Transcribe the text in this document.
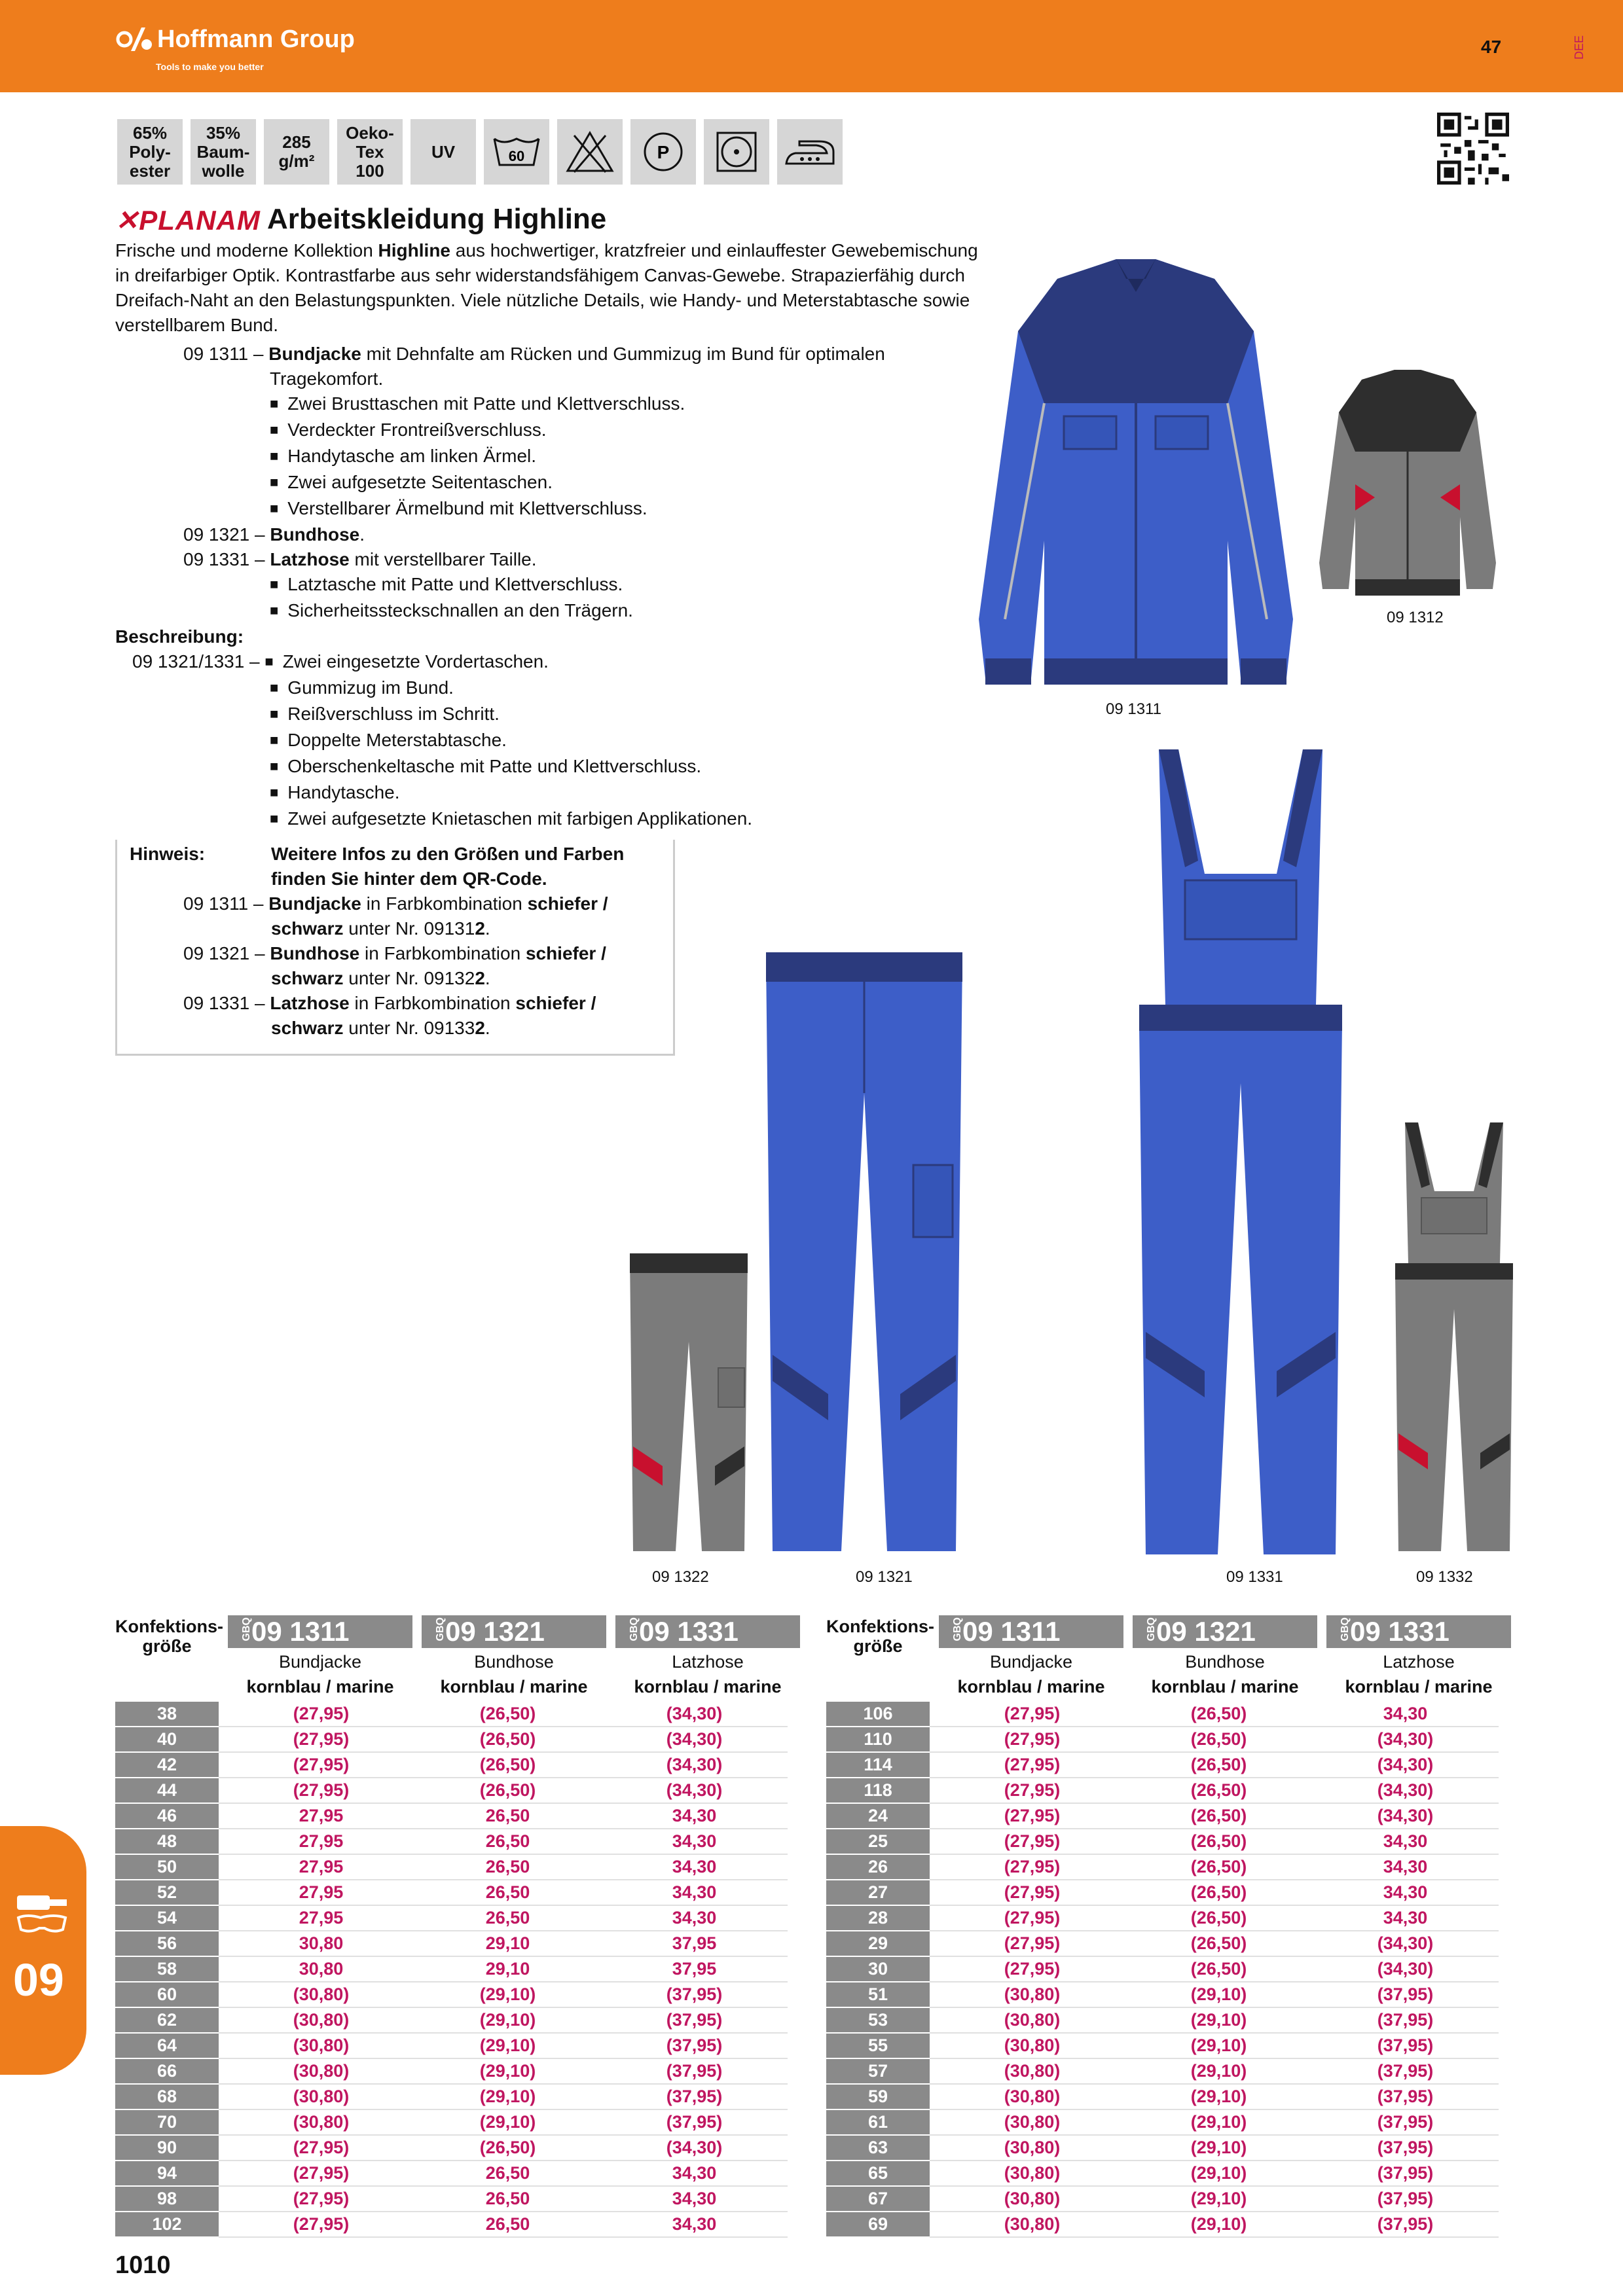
Hoffmann Group
Tools to make you better
47	DEE
65%
Poly-
ester
35%
Baum-
wolle
285
g/m²
Oeko-
Tex
100
UV	60	P
✕PLANAM Arbeitskleidung Highline
Frische und moderne Kollektion Highline aus hochwertiger, kratzfreier und einlauffester Gewebemischung
in dreifarbiger Optik. Kontrastfarbe aus sehr widerstandsfähigem Canvas-Gewebe. Strapazierfähig durch
Dreifach-Naht an den Belastungspunkten. Viele nützliche Details, wie Handy- und Meterstabtasche sowie
verstellbarem Bund.
09 1311 – Bundjacke mit Dehnfalte am Rücken und Gummizug im Bund für optimalen
Tragekomfort.
■ Zwei Brusttaschen mit Patte und Klettverschluss.
■ Verdeckter Frontreißverschluss.
■ Handytasche am linken Ärmel.
■ Zwei aufgesetzte Seitentaschen.
■ Verstellbarer Ärmelbund mit Klettverschluss.
09 1321 – Bundhose.
09 1331 – Latzhose mit verstellbarer Taille.
■ Latztasche mit Patte und Klettverschluss.
■ Sicherheitssteckschnallen an den Trägern.
Beschreibung:
09 1321/1331 – ■ Zwei eingesetzte Vordertaschen.
■ Gummizug im Bund.
■ Reißverschluss im Schritt.
■ Doppelte Meterstabtasche.
■ Oberschenkeltasche mit Patte und Klettverschluss.
■ Handytasche.
■ Zwei aufgesetzte Knietaschen mit farbigen Applikationen.
Hinweis:	Weitere Infos zu den Größen und Farben
finden Sie hinter dem QR-Code.
09 1311 – Bundjacke in Farbkombination schiefer /
schwarz unter Nr. 091312.
09 1321 – Bundhose in Farbkombination schiefer /
schwarz unter Nr. 091322.
09 1331 – Latzhose in Farbkombination schiefer /
schwarz unter Nr. 091332.
09 1311
09 1312
09 1322	09 1321	09 1331	09 1332
Konfektions-
größe
GBQ09 1311	GBQ09 1321	GBQ09 1331
Bundjacke	Bundhose	Latzhose
kornblau / marine	kornblau / marine	kornblau / marine
38	(27,95)	(26,50)	(34,30)
40	(27,95)	(26,50)	(34,30)
42	(27,95)	(26,50)	(34,30)
44	(27,95)	(26,50)	(34,30)
46	27,95	26,50	34,30
48	27,95	26,50	34,30
50	27,95	26,50	34,30
52	27,95	26,50	34,30
54	27,95	26,50	34,30
56	30,80	29,10	37,95
58	30,80	29,10	37,95
60	(30,80)	(29,10)	(37,95)
62	(30,80)	(29,10)	(37,95)
64	(30,80)	(29,10)	(37,95)
66	(30,80)	(29,10)	(37,95)
68	(30,80)	(29,10)	(37,95)
70	(30,80)	(29,10)	(37,95)
90	(27,95)	(26,50)	(34,30)
94	(27,95)	26,50	34,30
98	(27,95)	26,50	34,30
102	(27,95)	26,50	34,30
Konfektions-
größe
GBQ09 1311	GBQ09 1321	GBQ09 1331
Bundjacke	Bundhose	Latzhose
kornblau / marine	kornblau / marine	kornblau / marine
106	(27,95)	(26,50)	34,30
110	(27,95)	(26,50)	(34,30)
114	(27,95)	(26,50)	(34,30)
118	(27,95)	(26,50)	(34,30)
24	(27,95)	(26,50)	(34,30)
25	(27,95)	(26,50)	34,30
26	(27,95)	(26,50)	34,30
27	(27,95)	(26,50)	34,30
28	(27,95)	(26,50)	34,30
29	(27,95)	(26,50)	(34,30)
30	(27,95)	(26,50)	(34,30)
51	(30,80)	(29,10)	(37,95)
53	(30,80)	(29,10)	(37,95)
55	(30,80)	(29,10)	(37,95)
57	(30,80)	(29,10)	(37,95)
59	(30,80)	(29,10)	(37,95)
61	(30,80)	(29,10)	(37,95)
63	(30,80)	(29,10)	(37,95)
65	(30,80)	(29,10)	(37,95)
67	(30,80)	(29,10)	(37,95)
69	(30,80)	(29,10)	(37,95)
09
1010
